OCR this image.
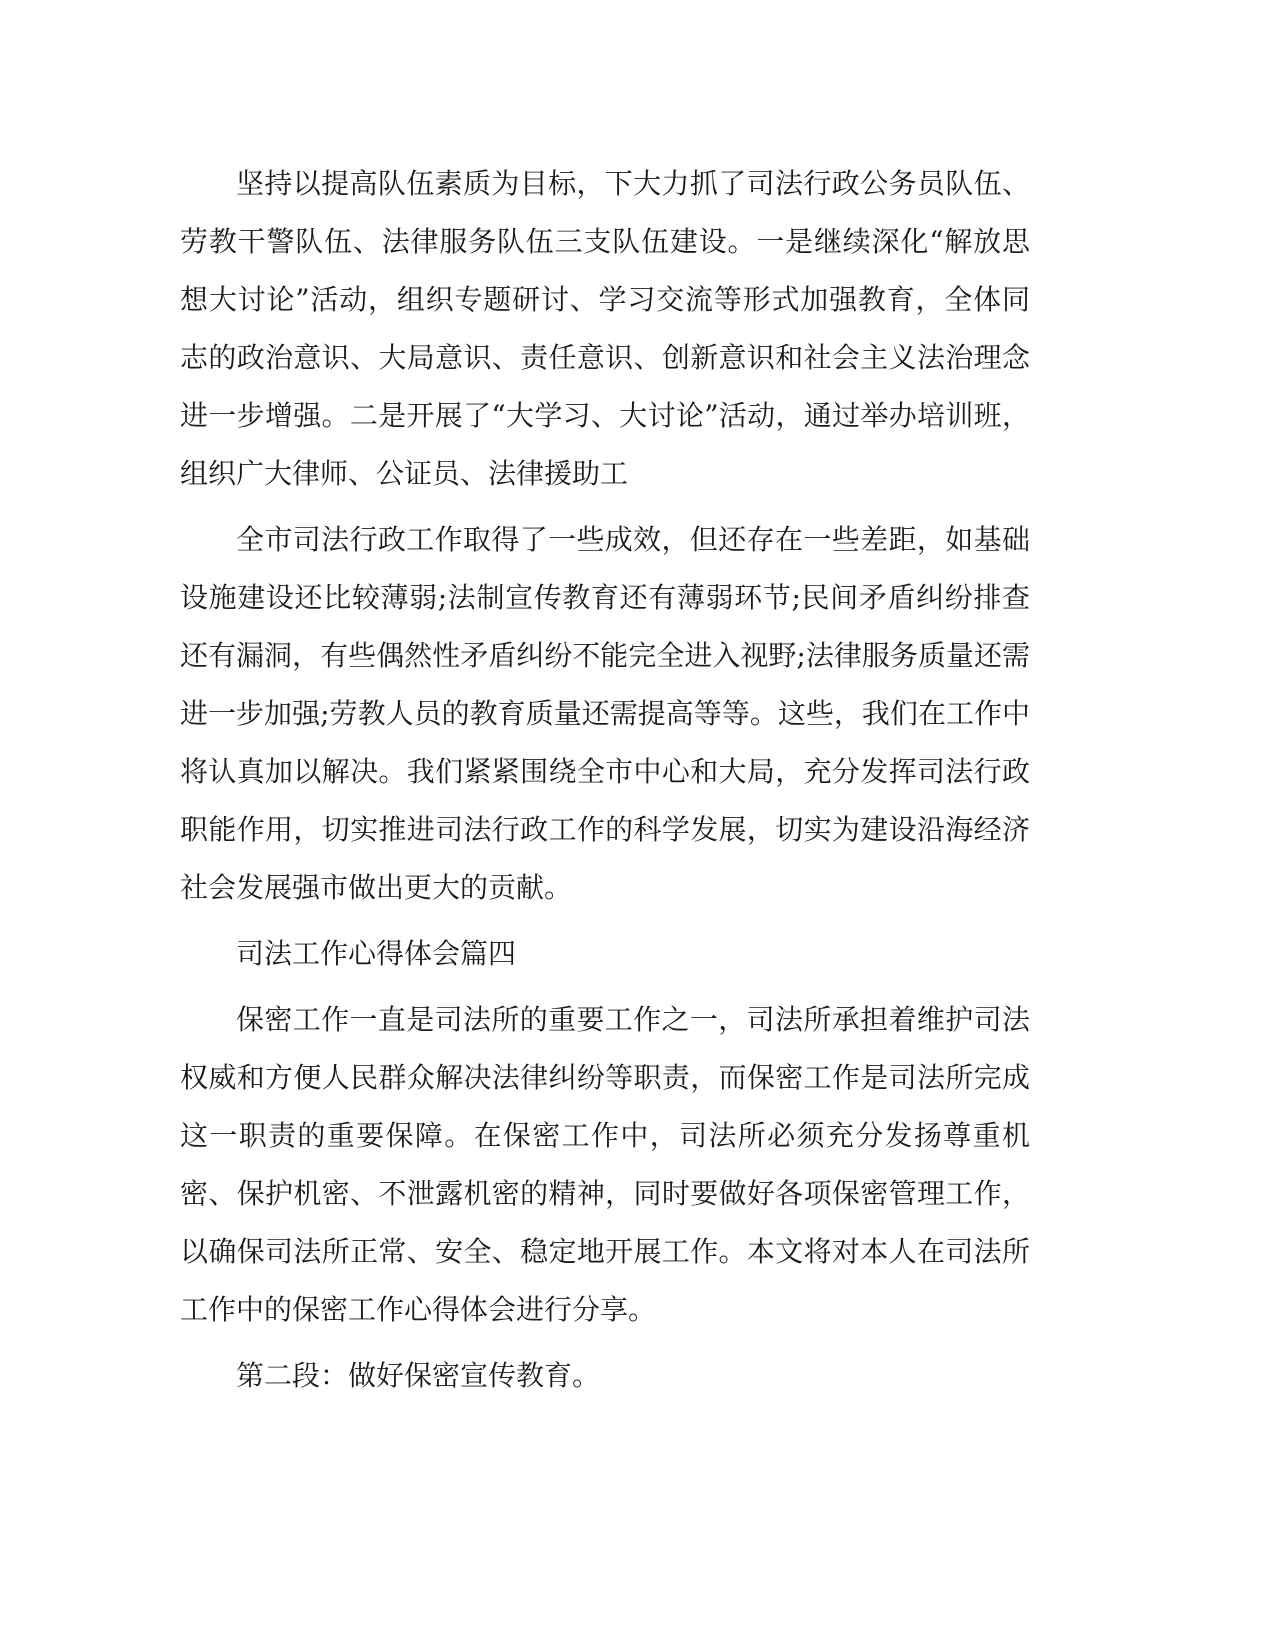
坚持以提高队伍素质为目标，下大力抓了司法行政公务员队伍、劳教干警队伍、法律服务队伍三支队伍建设。一是继续深化“解放思想大讨论”活动，组织专题研讨、学习交流等形式加强教育，全体同志的政治意识、大局意识、责任意识、创新意识和社会主义法治理念进一步增强。二是开展了“大学习、大讨论”活动，通过举办培训班，组织广大律师、公证员、法律援助工

全市司法行政工作取得了一些成效，但还存在一些差距，如基础设施建设还比较薄弱;法制宣传教育还有薄弱环节;民间矛盾纠纷排查还有漏洞，有些偶然性矛盾纠纷不能完全进入视野;法律服务质量还需进一步加强;劳教人员的教育质量还需提高等等。这些，我们在工作中将认真加以解决。我们紧紧围绕全市中心和大局，充分发挥司法行政职能作用，切实推进司法行政工作的科学发展，切实为建设沿海经济社会发展强市做出更大的贡献。

司法工作心得体会篇四

保密工作一直是司法所的重要工作之一，司法所承担着维护司法权威和方便人民群众解决法律纠纷等职责，而保密工作是司法所完成这一职责的重要保障。在保密工作中，司法所必须充分发扬尊重机密、保护机密、不泄露机密的精神，同时要做好各项保密管理工作，以确保司法所正常、安全、稳定地开展工作。本文将对本人在司法所工作中的保密工作心得体会进行分享。

第二段：做好保密宣传教育。
